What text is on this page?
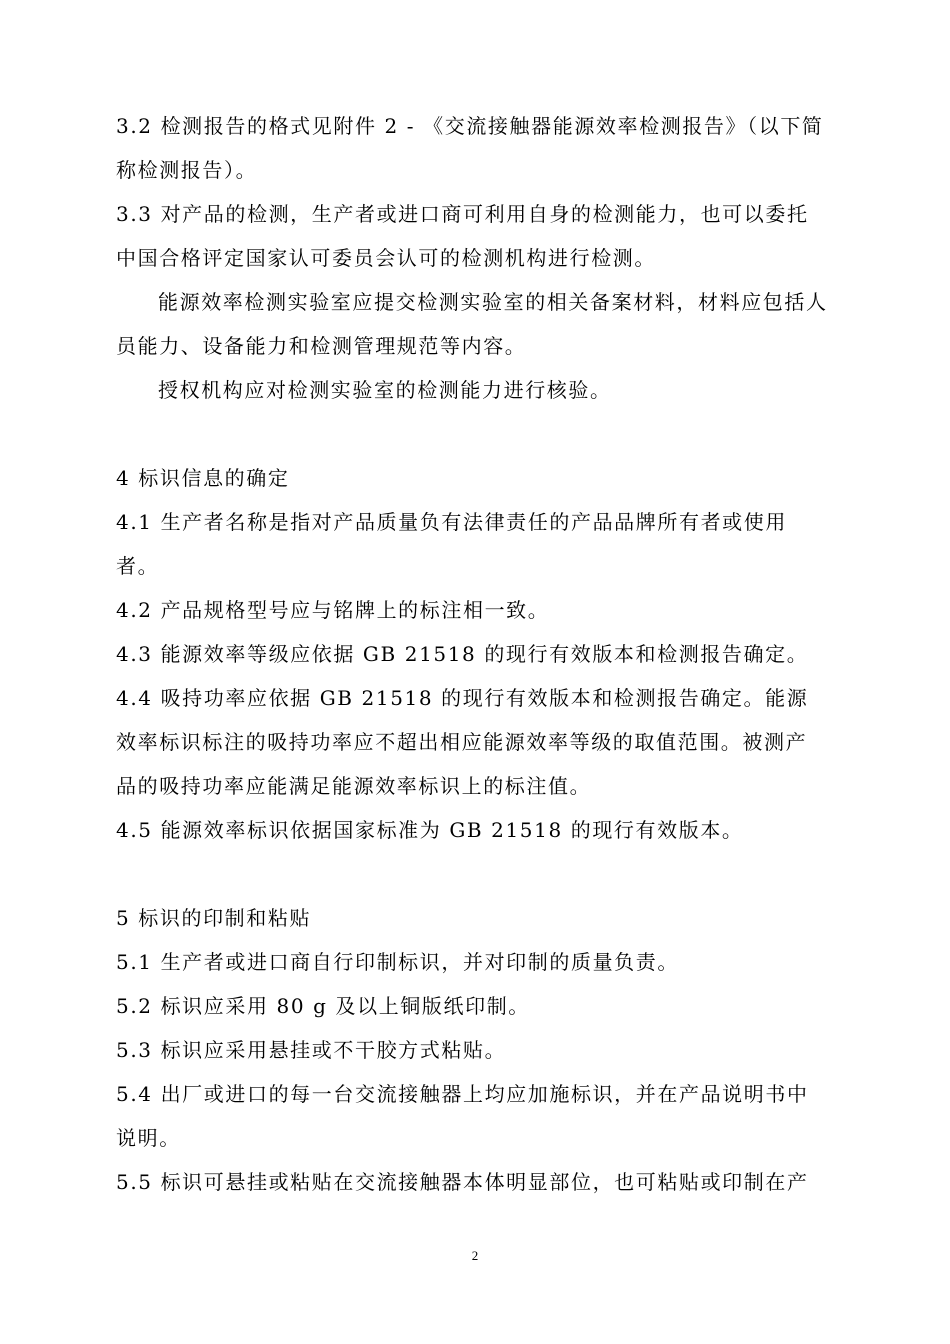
3.2 检测报告的格式见附件 2 - 《交流接触器能源效率检测报告》（以下简称检测报告）。

3.3 对产品的检测，生产者或进口商可利用自身的检测能力，也可以委托中国合格评定国家认可委员会认可的检测机构进行检测。

能源效率检测实验室应提交检测实验室的相关备案材料，材料应包括人员能力、设备能力和检测管理规范等内容。

授权机构应对检测实验室的检测能力进行核验。

4 标识信息的确定

4.1 生产者名称是指对产品质量负有法律责任的产品品牌所有者或使用者。

4.2 产品规格型号应与铭牌上的标注相一致。

4.3 能源效率等级应依据 GB 21518 的现行有效版本和检测报告确定。

4.4 吸持功率应依据 GB 21518 的现行有效版本和检测报告确定。能源效率标识标注的吸持功率应不超出相应能源效率等级的取值范围。被测产品的吸持功率应能满足能源效率标识上的标注值。

4.5 能源效率标识依据国家标准为 GB 21518 的现行有效版本。

5 标识的印制和粘贴

5.1 生产者或进口商自行印制标识，并对印制的质量负责。

5.2 标识应采用 80 g 及以上铜版纸印制。

5.3 标识应采用悬挂或不干胶方式粘贴。

5.4 出厂或进口的每一台交流接触器上均应加施标识，并在产品说明书中说明。

5.5 标识可悬挂或粘贴在交流接触器本体明显部位，也可粘贴或印制在产

2
